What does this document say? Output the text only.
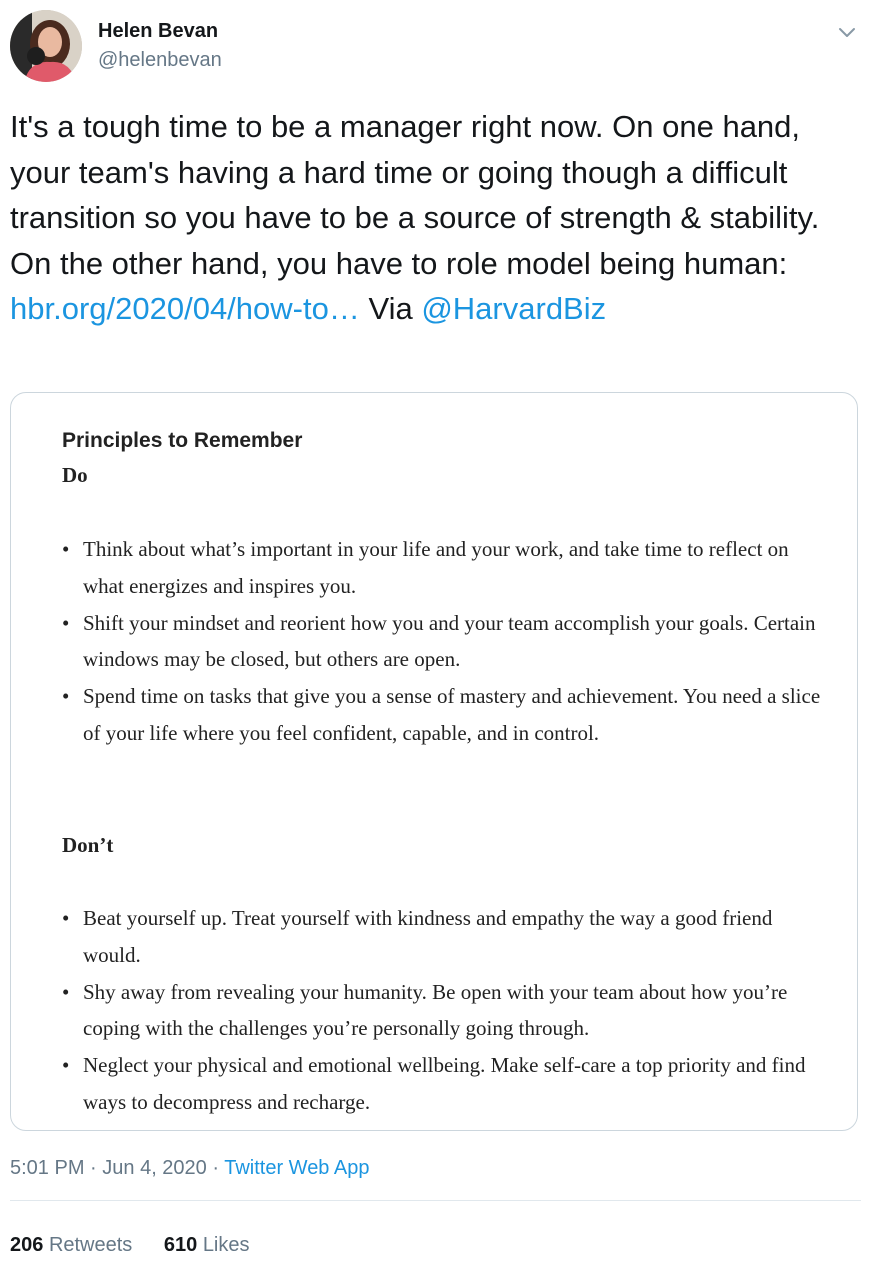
Helen Bevan
@helenbevan
It's a tough time to be a manager right now. On one hand, your team's having a hard time or going though a difficult transition so you have to be a source of strength & stability. On the other hand, you have to role model being human: hbr.org/2020/04/how-to… Via @HarvardBiz
Principles to Remember
Do
• Think about what’s important in your life and your work, and take time to reflect on what energizes and inspires you.
• Shift your mindset and reorient how you and your team accomplish your goals. Certain windows may be closed, but others are open.
• Spend time on tasks that give you a sense of mastery and achievement. You need a slice of your life where you feel confident, capable, and in control.
Don’t
• Beat yourself up. Treat yourself with kindness and empathy the way a good friend would.
• Shy away from revealing your humanity. Be open with your team about how you’re coping with the challenges you’re personally going through.
• Neglect your physical and emotional wellbeing. Make self-care a top priority and find ways to decompress and recharge.
5:01 PM · Jun 4, 2020 · Twitter Web App
206 Retweets 610 Likes
